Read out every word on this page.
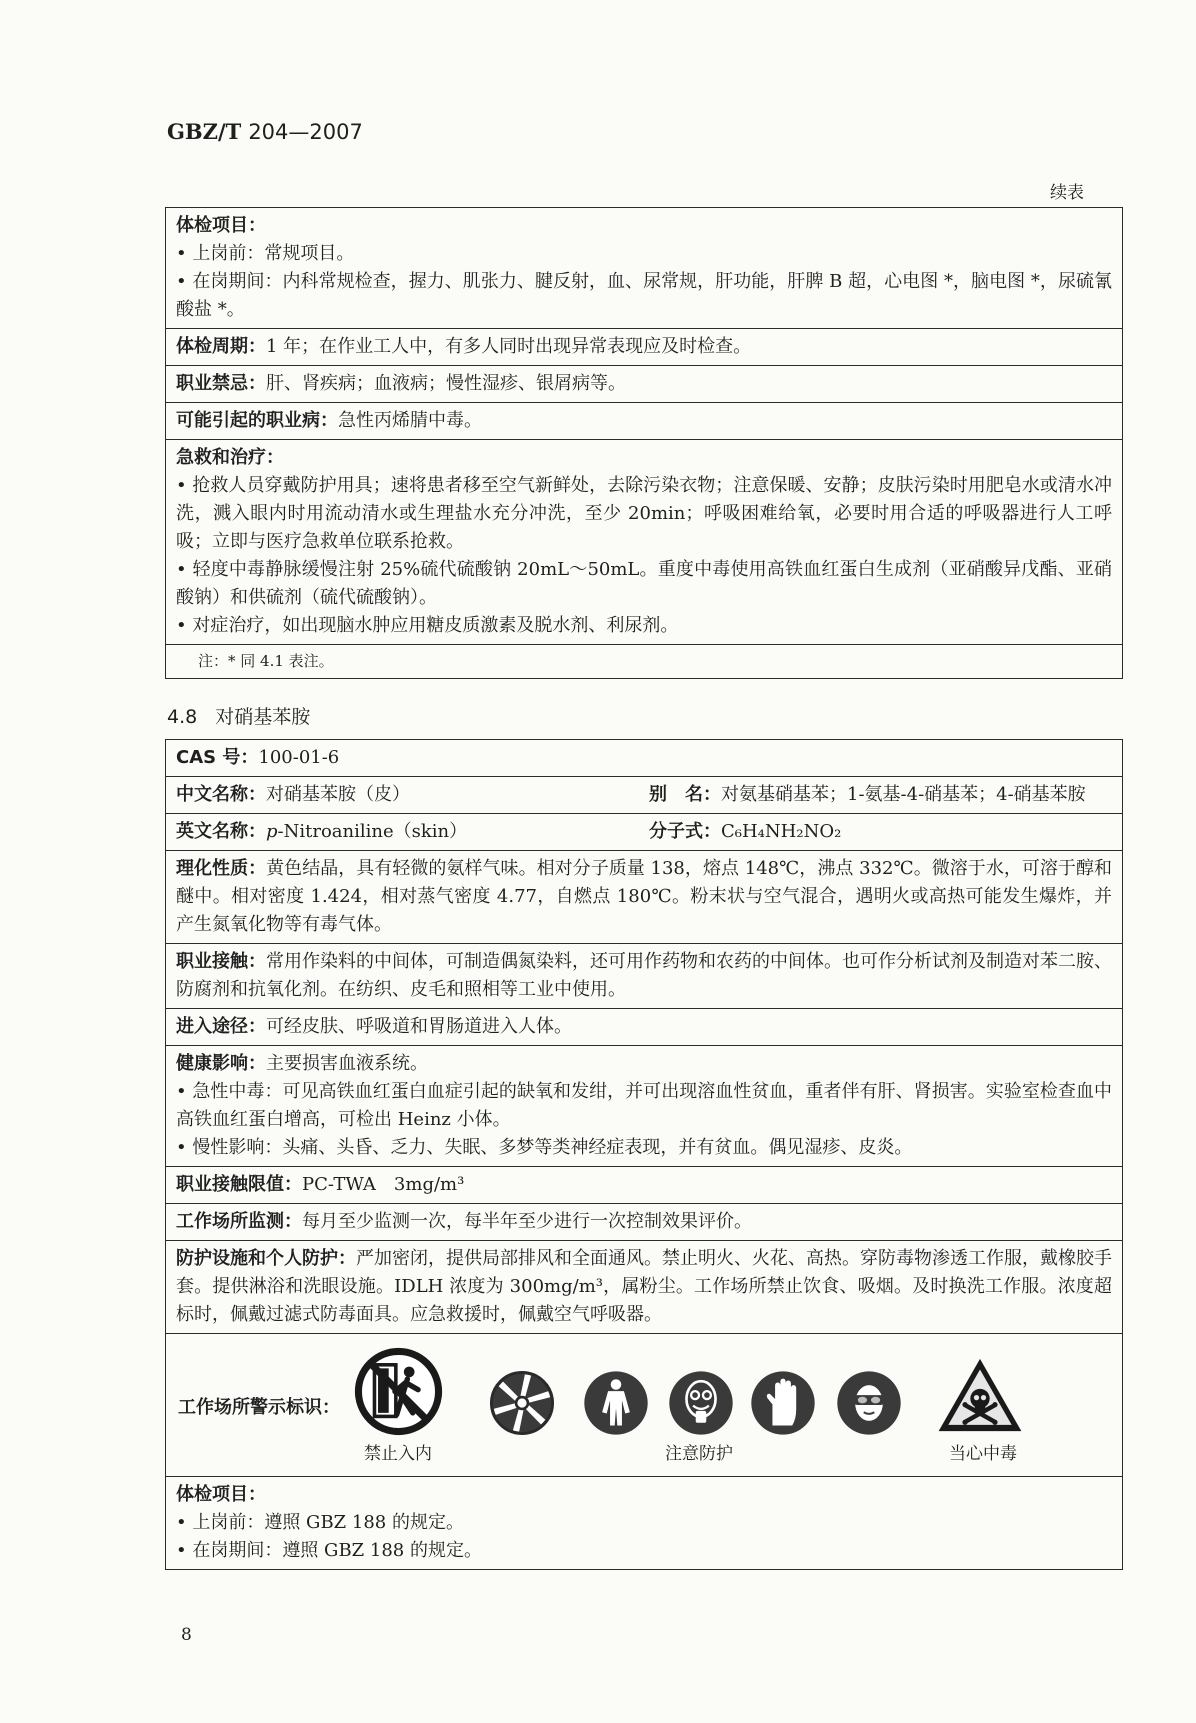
GBZ/T 204—2007
续表
体检项目：
• 上岗前：常规项目。
• 在岗期间：内科常规检查，握力、肌张力、腱反射，血、尿常规，肝功能，肝脾 B 超，心电图 *，脑电图 *，尿硫氰酸盐 *。
体检周期：1 年；在作业工人中，有多人同时出现异常表现应及时检查。
职业禁忌：肝、肾疾病；血液病；慢性湿疹、银屑病等。
可能引起的职业病：急性丙烯腈中毒。
急救和治疗：
• 抢救人员穿戴防护用具；速将患者移至空气新鲜处，去除污染衣物；注意保暖、安静；皮肤污染时用肥皂水或清水冲洗，溅入眼内时用流动清水或生理盐水充分冲洗，至少 20min；呼吸困难给氧，必要时用合适的呼吸器进行人工呼吸；立即与医疗急救单位联系抢救。
• 轻度中毒静脉缓慢注射 25%硫代硫酸钠 20mL～50mL。重度中毒使用高铁血红蛋白生成剂（亚硝酸异戊酯、亚硝酸钠）和供硫剂（硫代硫酸钠）。
• 对症治疗，如出现脑水肿应用糖皮质激素及脱水剂、利尿剂。
注：* 同 4.1 表注。
4.8 对硝基苯胺
CAS 号：100-01-6
中文名称：对硝基苯胺（皮）	别　名：对氨基硝基苯；1-氨基-4-硝基苯；4-硝基苯胺
英文名称：p-Nitroaniline（skin）	分子式：C₆H₄NH₂NO₂
理化性质：黄色结晶，具有轻微的氨样气味。相对分子质量 138，熔点 148℃，沸点 332℃。微溶于水，可溶于醇和醚中。相对密度 1.424，相对蒸气密度 4.77，自燃点 180℃。粉末状与空气混合，遇明火或高热可能发生爆炸，并产生氮氧化物等有毒气体。
职业接触：常用作染料的中间体，可制造偶氮染料，还可用作药物和农药的中间体。也可作分析试剂及制造对苯二胺、防腐剂和抗氧化剂。在纺织、皮毛和照相等工业中使用。
进入途径：可经皮肤、呼吸道和胃肠道进入人体。
健康影响：主要损害血液系统。
• 急性中毒：可见高铁血红蛋白血症引起的缺氧和发绀，并可出现溶血性贫血，重者伴有肝、肾损害。实验室检查血中高铁血红蛋白增高，可检出 Heinz 小体。
• 慢性影响：头痛、头昏、乏力、失眠、多梦等类神经症表现，并有贫血。偶见湿疹、皮炎。
职业接触限值：PC-TWA　3mg/m³
工作场所监测：每月至少监测一次，每半年至少进行一次控制效果评价。
防护设施和个人防护：严加密闭，提供局部排风和全面通风。禁止明火、火花、高热。穿防毒物渗透工作服，戴橡胶手套。提供淋浴和洗眼设施。IDLH 浓度为 300mg/m³，属粉尘。工作场所禁止饮食、吸烟。及时换洗工作服。浓度超标时，佩戴过滤式防毒面具。应急救援时，佩戴空气呼吸器。
工作场所警示标识：
禁止入内	注意防护	当心中毒
体检项目：
• 上岗前：遵照 GBZ 188 的规定。
• 在岗期间：遵照 GBZ 188 的规定。
8
